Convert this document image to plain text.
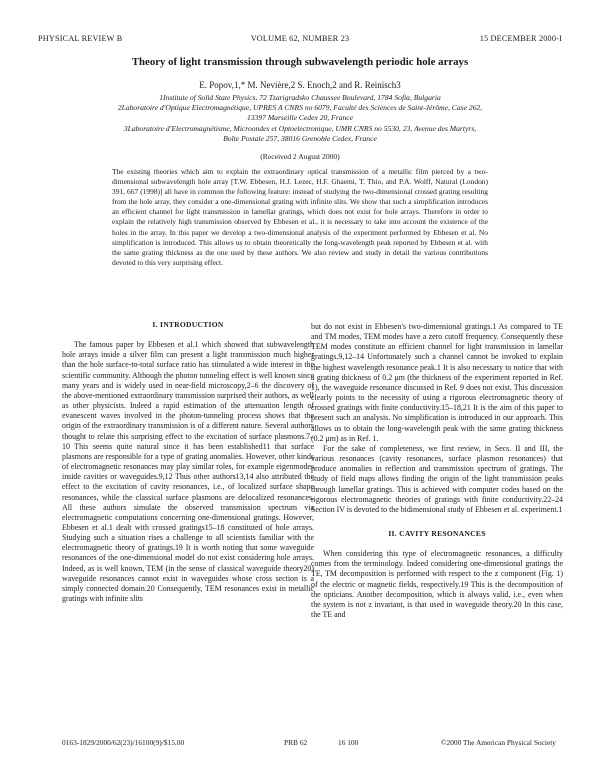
PHYSICAL REVIEW B	VOLUME 62, NUMBER 23	15 DECEMBER 2000-I
Theory of light transmission through subwavelength periodic hole arrays
E. Popov,1,* M. Nevière,2 S. Enoch,2 and R. Reinisch3
1Institute of Solid State Physics, 72 Tzarigradsko Chaussee Boulevard, 1784 Sofia, Bulgaria
2Laboratoire d'Optique Electromagnétique, UPRES A CNRS no 6079, Faculté des Sciences de Saint-Jérôme, Case 262,
13397 Marseille Cedex 20, France
3Laboratoire d'Electromagnétisme, Microondes et Optoelectronique, UMR CNRS no 5530, 23, Avenue des Martyrs,
Boîte Postale 257, 38016 Grenoble Cedex, France
(Received 2 August 2000)
The existing theories which aim to explain the extraordinary optical transmission of a metallic film pierced by a two-dimensional subwavelength hole array [T.W. Ebbesen, H.J. Lezec, H.F. Ghaemi, T. Thio, and P.A. Wolff, Natural (London) 391, 667 (1998)] all have in common the following feature: instead of studying the two-dimensional crossed grating resulting from the hole array, they consider a one-dimensional grating with infinite slits. We show that such a simplification introduces an efficient channel for light transmission in lamellar gratings, which does not exist for hole arrays. Therefore in order to explain the relatively high transmission observed by Ebbesen et al., it is necessary to take into account the existence of the holes in the array. In this paper we develop a two-dimensional analysis of the experiment performed by Ebbesen et al. No simplification is introduced. This allows us to obtain theoretically the long-wavelength peak reported by Ebbesen et al. with the same grating thickness as the one used by these authors. We also review and study in detail the various contributions devoted to this very surprising effect.
I. INTRODUCTION

The famous paper by Ebbesen et al.1 which showed that subwavelength hole arrays inside a silver film can present a light transmission much higher than the hole surface-to-total surface ratio has stimulated a wide interest in the scientific community. Although the photon tunneling effect is well known since many years and is widely used in near-field microscopy,2–6 the discovery of the above-mentioned extraordinary transmission surprised their authors, as well as other physicists. Indeed a rapid estimation of the attenuation length of evanescent waves involved in the photon-tunneling process shows that the origin of the extraordinary transmission is of a different nature. Several authors thought to relate this surprising effect to the excitation of surface plasmons.7–10 This seems quite natural since it has been established11 that surface plasmons are responsible for a type of grating anomalies. However, other kinds of electromagnetic resonances may play similar roles, for example eigenmodes inside cavities or waveguides.9,12 Thus other authors13,14 also attributed the effect to the excitation of cavity resonances, i.e., of localized surface shape resonances, while the classical surface plasmons are delocalized resonances. All these authors simulate the observed transmission spectrum via electromagnetic computations concerning one-dimensional gratings. However, Ebbesen et al.1 dealt with crossed gratings15–18 constituted of hole arrays. Studying such a situation rises a challenge to all scientists familiar with the electromagnetic theory of gratings.19 It is worth noting that some waveguide resonances of the one-dimensional model do not exist considering hole arrays. Indeed, as is well known, TEM (in the sense of classical waveguide theory20) waveguide resonances cannot exist in waveguides whose cross section is a simply connected domain.20 Consequently, TEM resonances exist in metallic gratings with infinite slits

but do not exist in Ebbesen's two-dimensional gratings.1 As compared to TE and TM modes, TEM modes have a zero cutoff frequency. Consequently these TEM modes constitute an efficient channel for light transmission in lamellar gratings.9,12–14 Unfortunately such a channel cannot be invoked to explain the highest wavelength resonance peak.1 It is also necessary to notice that with a grating thickness of 0.2 μm (the thickness of the experiment reported in Ref. 1), the waveguide resonance discussed in Ref. 9 does not exist. This discussion clearly points to the necessity of using a rigorous electromagnetic theory of crossed gratings with finite conductivity.15–18,21 It is the aim of this paper to present such an analysis. No simplification is introduced in our approach. This allows us to obtain the long-wavelength peak with the same grating thickness (0.2 μm) as in Ref. 1.

For the sake of completeness, we first review, in Secs. II and III, the various resonances (cavity resonances, surface plasmon resonances) that produce anomalies in reflection and transmission spectrum of gratings. The study of field maps allows finding the origin of the light transmission peaks through lamellar gratings. This is achieved with computer codes based on the rigorous electromagnetic theories of gratings with finite conductivity.22–24 Section IV is devoted to the bidimensional study of Ebbesen et al. experiment.1

II. CAVITY RESONANCES

When considering this type of electromagnetic resonances, a difficulty comes from the terminology. Indeed considering one-dimensional gratings the TE, TM decomposition is performed with respect to the z component (Fig. 1) of the electric or magnetic fields, respectively.19 This is the decomposition of the opticians. Another decomposition, which is always valid, i.e., even when the system is not z invariant, is that used in waveguide theory.20 In this case, the TE and

0163-1829/2000/62(23)/16100(9)/$15.00	PRB 62	16 100	©2000 The American Physical Society
